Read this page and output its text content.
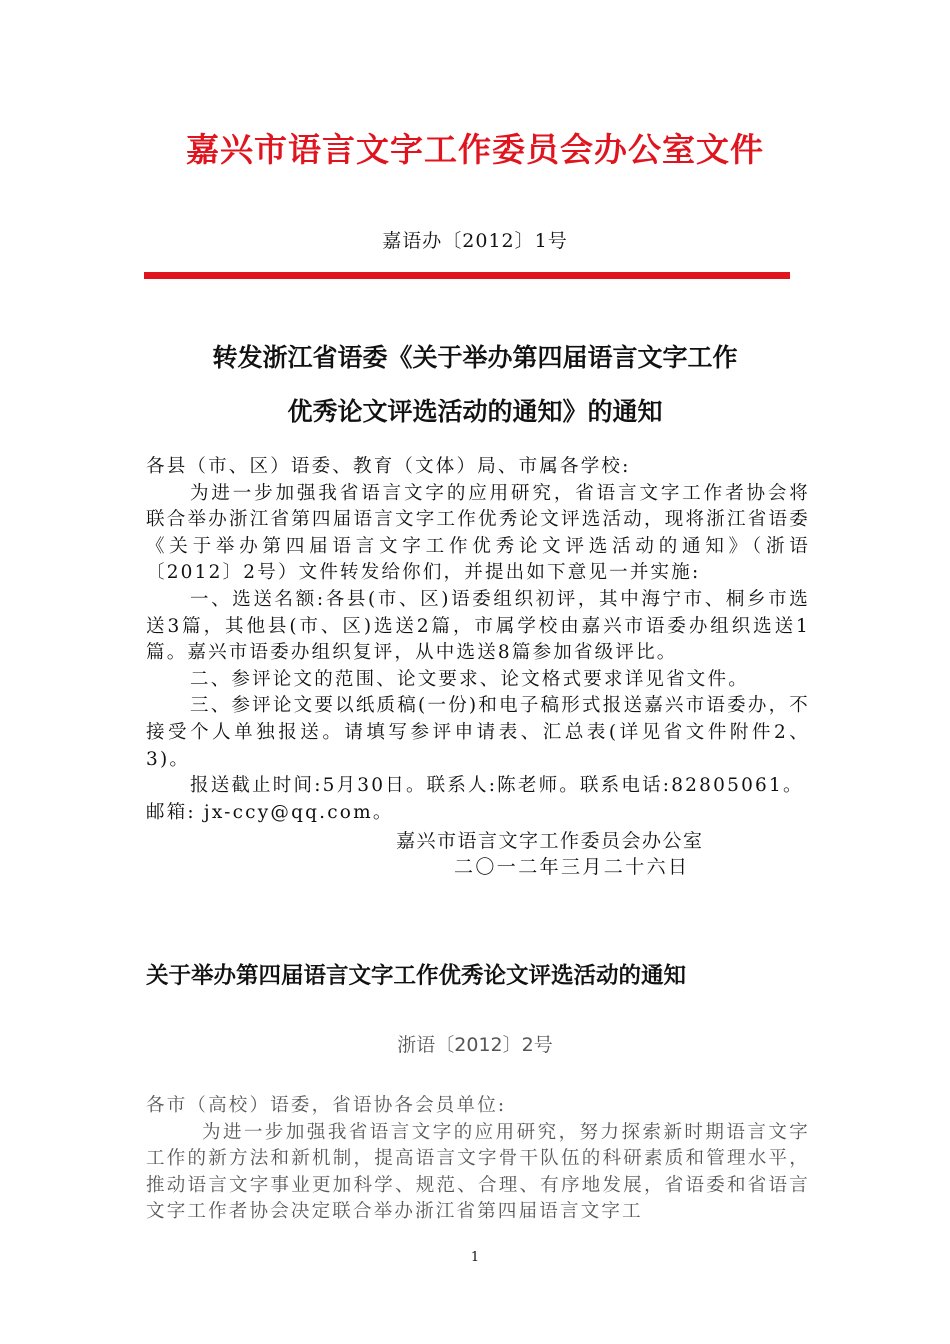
嘉兴市语言文字工作委员会办公室文件
嘉语办〔2012〕1号
转发浙江省语委《关于举办第四届语言文字工作
优秀论文评选活动的通知》的通知

各县（市、区）语委、教育（文体）局、市属各学校:

为进一步加强我省语言文字的应用研究，省语言文字工作者协会将联合举办浙江省第四届语言文字工作优秀论文评选活动，现将浙江省语委《关于举办第四届语言文字工作优秀论文评选活动的通知》（浙语〔2012〕2号）文件转发给你们，并提出如下意见一并实施:

一、选送名额:各县(市、区)语委组织初评，其中海宁市、桐乡市选送3篇，其他县(市、区)选送2篇，市属学校由嘉兴市语委办组织选送1篇。嘉兴市语委办组织复评，从中选送8篇参加省级评比。

二、参评论文的范围、论文要求、论文格式要求详见省文件。

三、参评论文要以纸质稿(一份)和电子稿形式报送嘉兴市语委办，不接受个人单独报送。请填写参评申请表、汇总表(详见省文件附件2、3)。

报送截止时间:5月30日。联系人:陈老师。联系电话:82805061。

邮箱: jx-ccy@qq.com。

嘉兴市语言文字工作委员会办公室
二〇一二年三月二十六日
关于举办第四届语言文字工作优秀论文评选活动的通知
浙语〔2012〕2号

各市（高校）语委，省语协各会员单位:

为进一步加强我省语言文字的应用研究，努力探索新时期语言文字工作的新方法和新机制，提高语言文字骨干队伍的科研素质和管理水平，推动语言文字事业更加科学、规范、合理、有序地发展，省语委和省语言文字工作者协会决定联合举办浙江省第四届语言文字工

1
